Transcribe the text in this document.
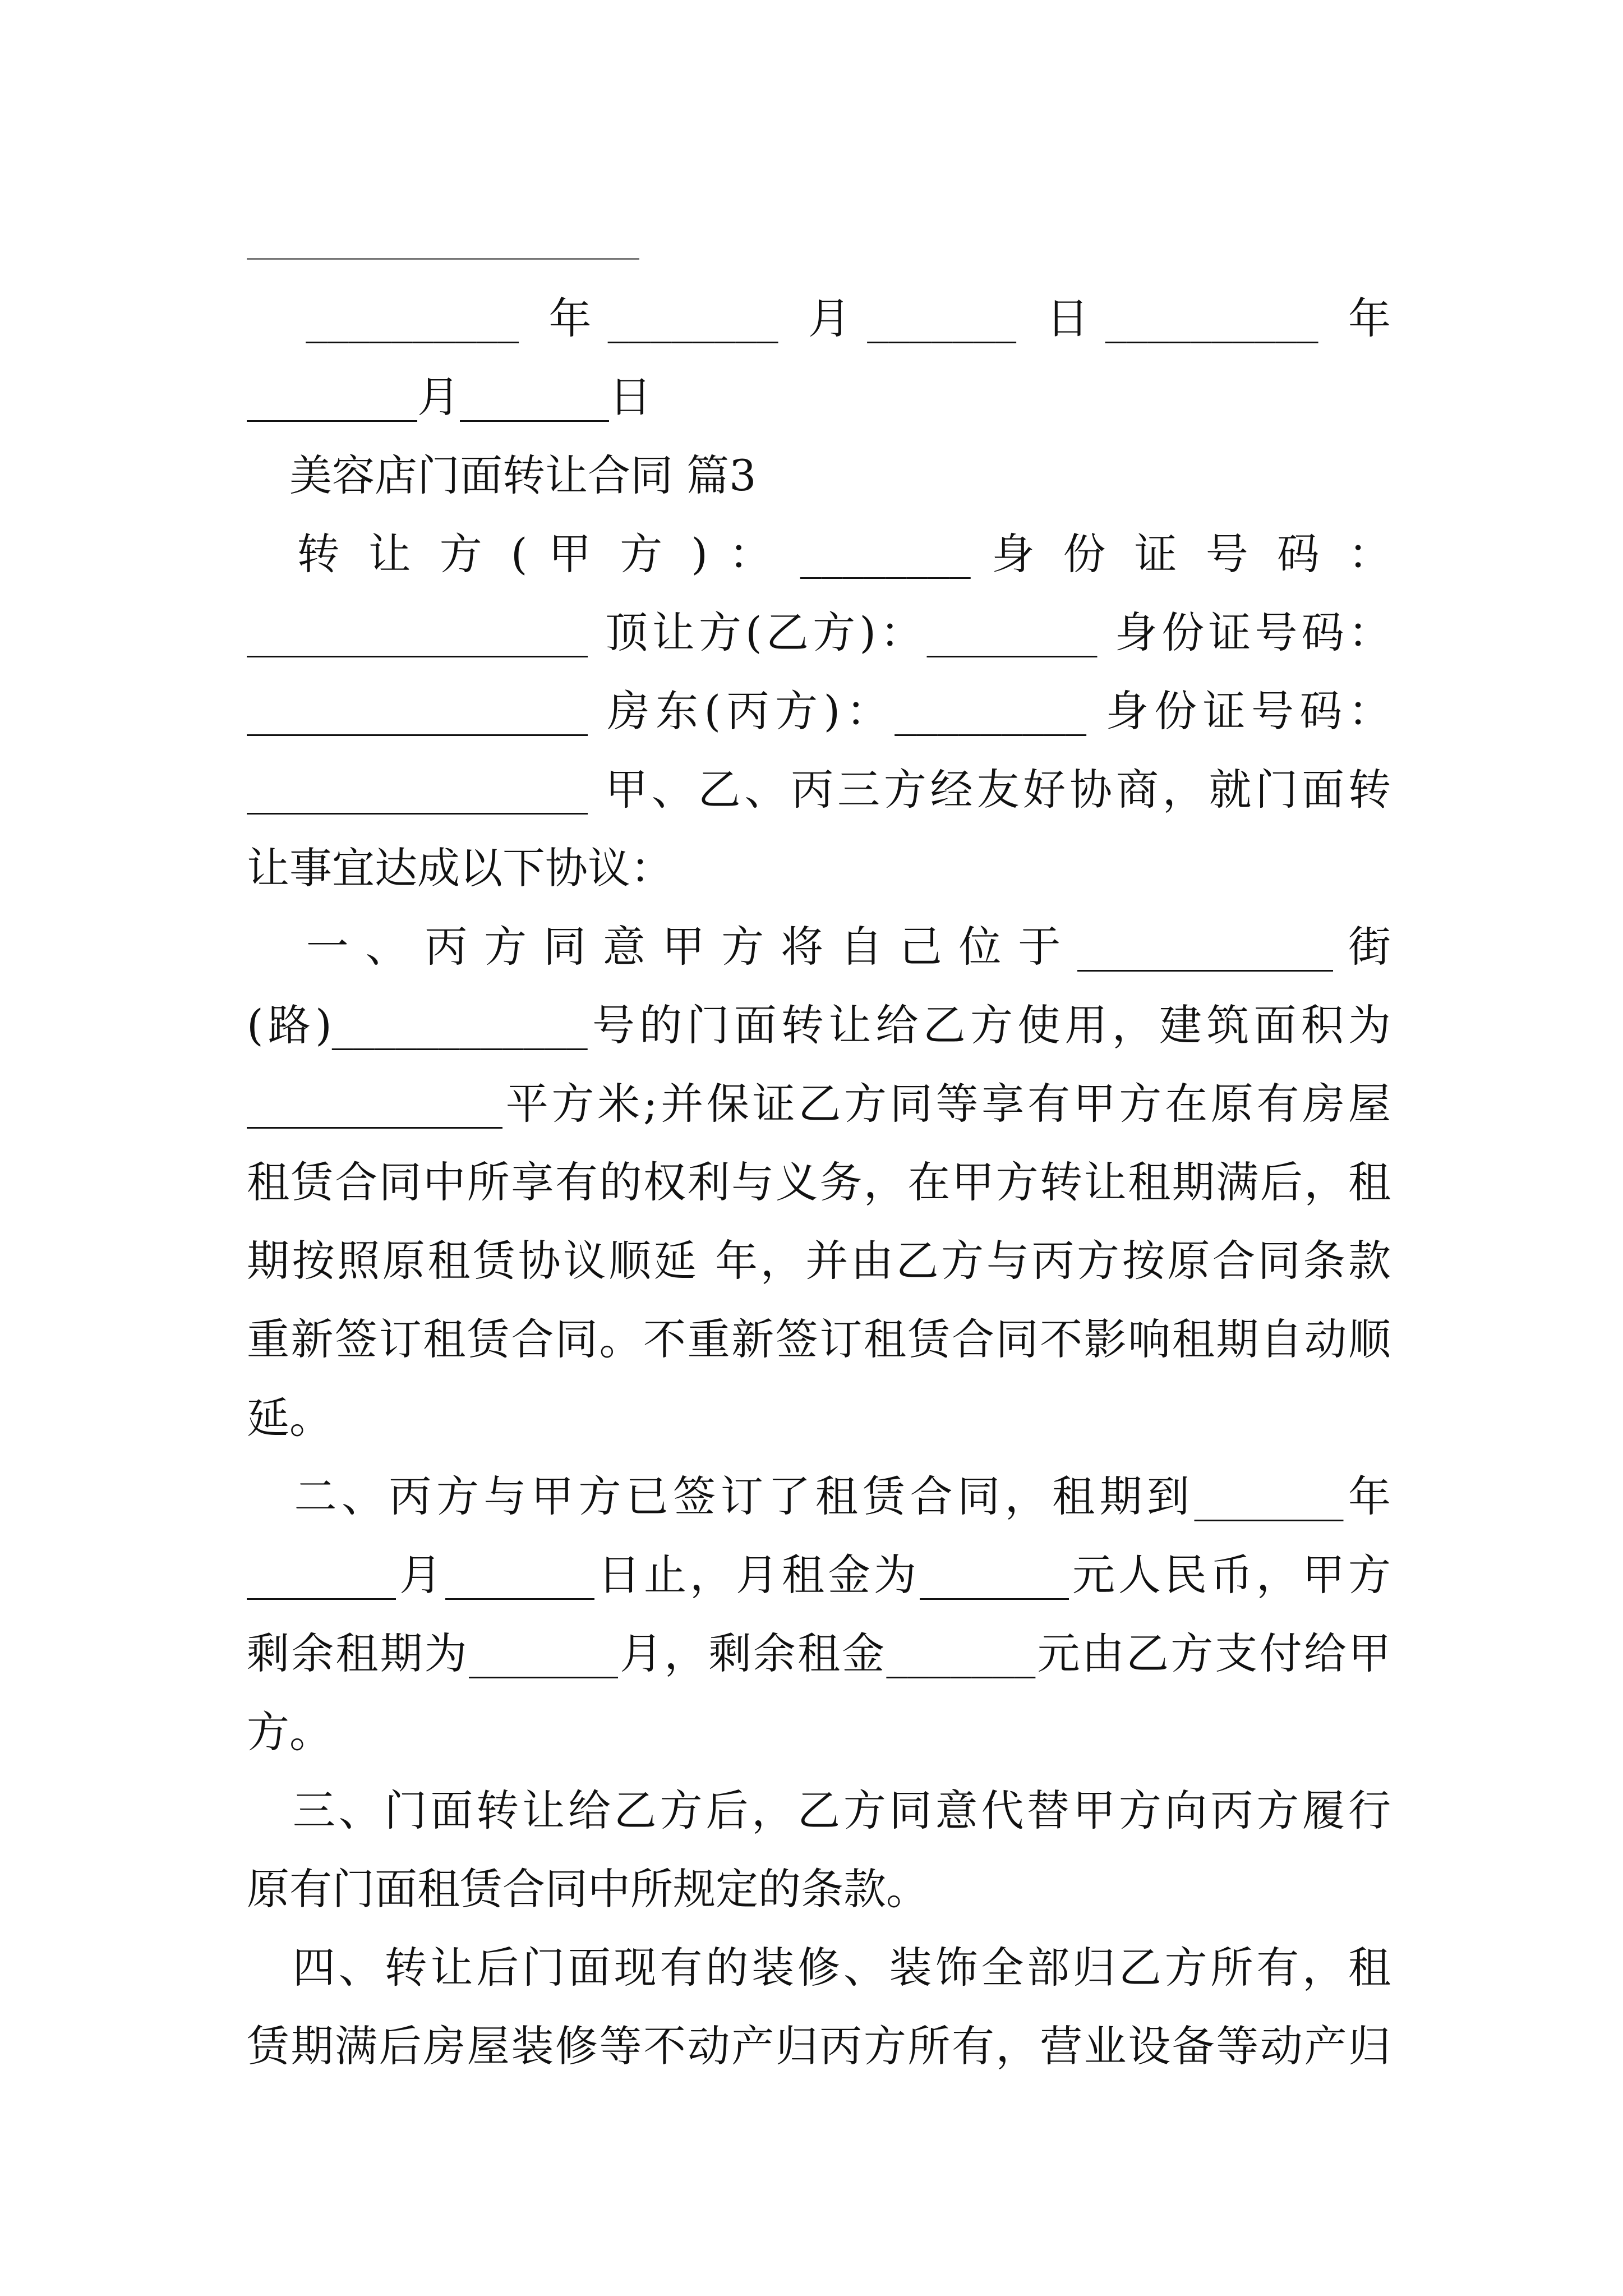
　__________ 年________ 月_______ 日__________ 年
________月_______日
　美容店门面转让合同 篇3
　转 让 方 ( 甲 方 ) ： ________ 身 份 证 号 码 ：
________________ 顶让方(乙方)：________ 身份证号码：
________________ 房东(丙方)：_________ 身份证号码：
________________ 甲、乙、丙三方经友好协商，就门面转
让事宜达成以下协议：
　 一 、 丙 方 同 意 甲 方 将 自 己 位 于 ____________ 街
(路)____________号的门面转让给乙方使用，建筑面积为
____________平方米;并保证乙方同等享有甲方在原有房屋
租赁合同中所享有的权利与义务，在甲方转让租期满后，租
期按照原租赁协议顺延 年，并由乙方与丙方按原合同条款
重新签订租赁合同。不重新签订租赁合同不影响租期自动顺
延。
　二、丙方与甲方已签订了租赁合同，租期到_______年
_______月_______日止，月租金为_______元人民币，甲方
剩余租期为_______月，剩余租金_______元由乙方支付给甲
方。
　三、门面转让给乙方后，乙方同意代替甲方向丙方履行
原有门面租赁合同中所规定的条款。
　四、转让后门面现有的装修、装饰全部归乙方所有，租
赁期满后房屋装修等不动产归丙方所有，营业设备等动产归
